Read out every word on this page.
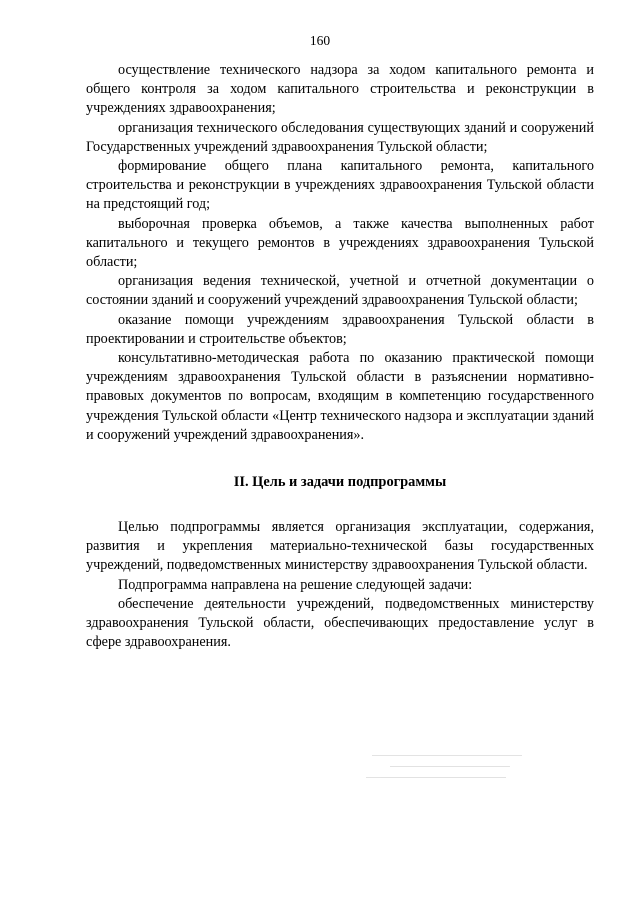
160

осуществление технического надзора за ходом капитального ремонта и общего контроля за ходом капитального строительства и реконструкции в учреждениях здравоохранения;

организация технического обследования существующих зданий и сооружений Государственных учреждений здравоохранения Тульской области;

формирование общего плана капитального ремонта, капитального строительства и реконструкции в учреждениях здравоохранения Тульской области на предстоящий год;

выборочная проверка объемов, а также качества выполненных работ капитального и текущего ремонтов в учреждениях здравоохранения Тульской области;

организация ведения технической, учетной и отчетной документации о состоянии зданий и сооружений учреждений здравоохранения Тульской области;

оказание помощи учреждениям здравоохранения Тульской области в проектировании и строительстве объектов;

консультативно-методическая работа по оказанию практической помощи учреждениям здравоохранения Тульской области в разъяснении нормативно-правовых документов по вопросам, входящим в компетенцию государственного учреждения Тульской области «Центр технического надзора и эксплуатации зданий и сооружений учреждений здравоохранения».

II. Цель и задачи подпрограммы

Целью подпрограммы является организация эксплуатации, содержания, развития и укрепления материально-технической базы государственных учреждений, подведомственных министерству здравоохранения Тульской области.

Подпрограмма направлена на решение следующей задачи:

обеспечение деятельности учреждений, подведомственных министерству здравоохранения Тульской области, обеспечивающих предоставление услуг в сфере здравоохранения.
